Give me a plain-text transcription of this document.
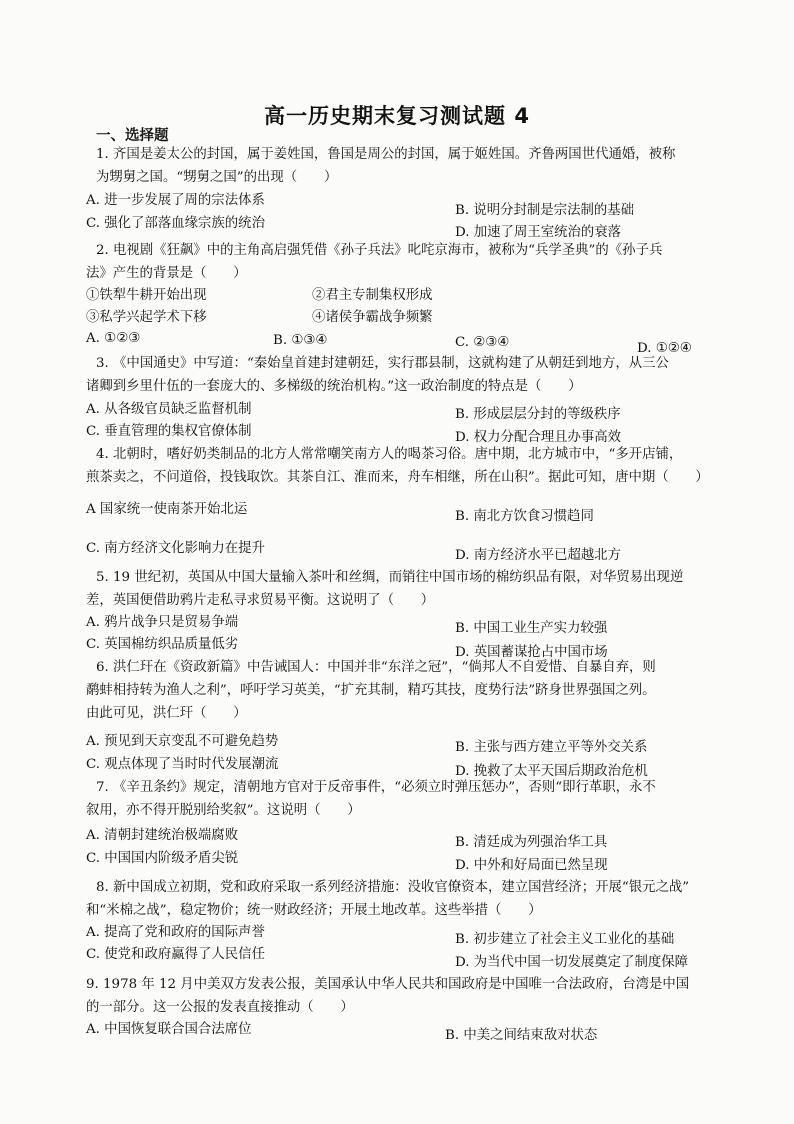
高一历史期末复习测试题 4
一、选择题
1. 齐国是姜太公的封国，属于姜姓国，鲁国是周公的封国，属于姬姓国。齐鲁两国世代通婚，被称
为甥舅之国。“甥舅之国”的出现（　　）
A. 进一步发展了周的宗法体系
B. 说明分封制是宗法制的基础
C. 强化了部落血缘宗族的统治
D. 加速了周王室统治的衰落
2. 电视剧《狂飙》中的主角高启强凭借《孙子兵法》叱咤京海市，被称为“兵学圣典”的《孙子兵
法》产生的背景是（　　）
①铁犁牛耕开始出现	②君主专制集权形成
③私学兴起学术下移	④诸侯争霸战争频繁
A. ①②③	B. ①③④	C. ②③④	D. ①②④
3. 《中国通史》中写道：“秦始皇首建封建朝廷，实行郡县制，这就构建了从朝廷到地方，从三公
诸卿到乡里什伍的一套庞大的、多梯级的统治机构。”这一政治制度的特点是（　　）
A. 从各级官员缺乏监督机制	B. 形成层层分封的等级秩序
C. 垂直管理的集权官僚体制	D. 权力分配合理且办事高效
4. 北朝时，嗜好奶类制品的北方人常常嘲笑南方人的喝茶习俗。唐中期，北方城市中，“多开店铺，
煎茶卖之，不问道俗，投钱取饮。其茶自江、淮而来，舟车相继，所在山积”。据此可知，唐中期（　　）
A 国家统一使南茶开始北运	B. 南北方饮食习惯趋同
C. 南方经济文化影响力在提升	D. 南方经济水平已超越北方
5. 19 世纪初，英国从中国大量输入茶叶和丝绸，而销往中国市场的棉纺织品有限，对华贸易出现逆
差，英国便借助鸦片走私寻求贸易平衡。这说明了（　　）
A. 鸦片战争只是贸易争端	B. 中国工业生产实力较强
C. 英国棉纺织品质量低劣
D. 英国蓄谋抢占中国市场
6. 洪仁玕在《资政新篇》中告诫国人：中国并非“东洋之冠”，“倘邦人不自爱惜、自暴自弃，则
鹬蚌相持转为渔人之利”，呼吁学习英美，“扩充其制，精巧其技，度势行法”跻身世界强国之列。
由此可见，洪仁玕（　　）
A. 预见到天京变乱不可避免趋势	B. 主张与西方建立平等外交关系
C. 观点体现了当时时代发展潮流	D. 挽救了太平天国后期政治危机
7. 《辛丑条约》规定，清朝地方官对于反帝事件，“必须立时弹压惩办”，否则“即行革职，永不
叙用，亦不得开脱别给奖叙”。这说明（　　）
A. 清朝封建统治极端腐败	B. 清廷成为列强治华工具
C. 中国国内阶级矛盾尖锐	D. 中外和好局面已然呈现
8. 新中国成立初期，党和政府采取一系列经济措施：没收官僚资本，建立国营经济；开展“银元之战”
和“米棉之战”，稳定物价；统一财政经济；开展土地改革。这些举措（　　）
A. 提高了党和政府的国际声誉	B. 初步建立了社会主义工业化的基础
C. 使党和政府赢得了人民信任
D. 为当代中国一切发展奠定了制度保障
9. 1978 年 12 月中美双方发表公报，美国承认中华人民共和国政府是中国唯一合法政府，台湾是中国
的一部分。这一公报的发表直接推动（　　）
A. 中国恢复联合国合法席位	B. 中美之间结束敌对状态
